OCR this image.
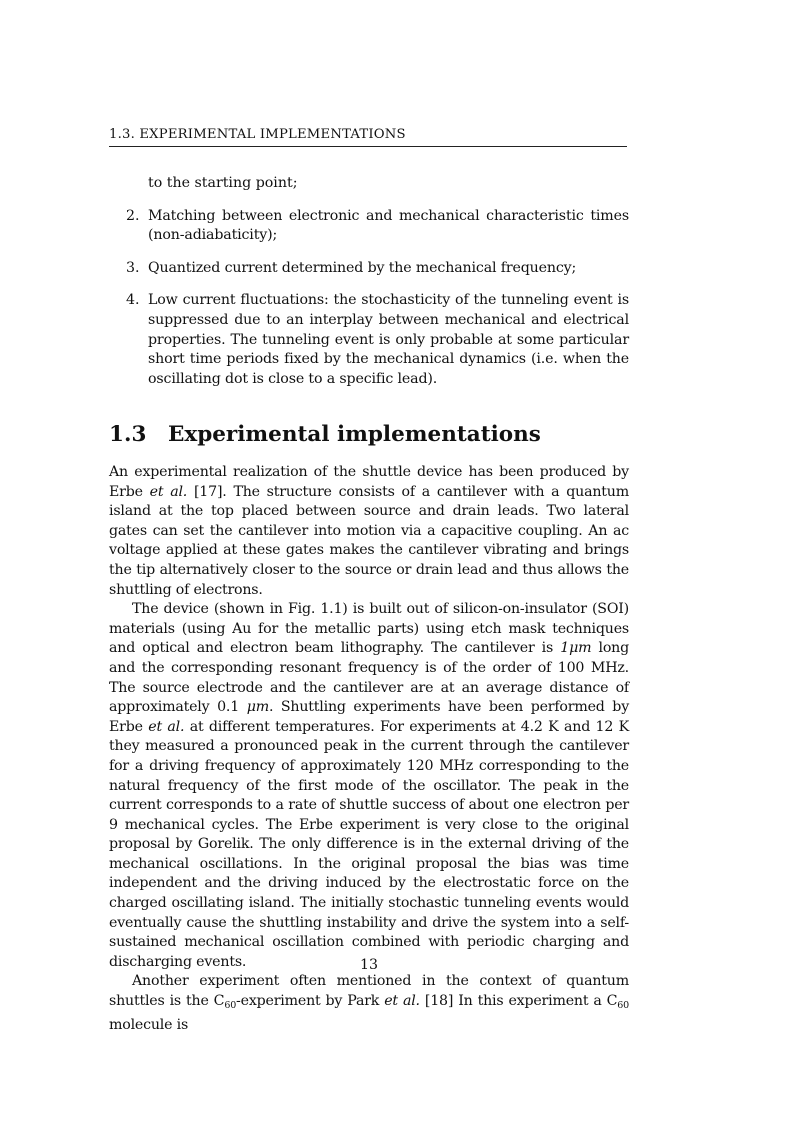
1.3. EXPERIMENTAL IMPLEMENTATIONS
to the starting point;
2. Matching between electronic and mechanical characteristic times (non-adiabaticity);
3. Quantized current determined by the mechanical frequency;
4. Low current fluctuations: the stochasticity of the tunneling event is suppressed due to an interplay between mechanical and electrical properties. The tunneling event is only probable at some particular short time periods fixed by the mechanical dynamics (i.e. when the oscillating dot is close to a specific lead).
1.3 Experimental implementations

An experimental realization of the shuttle device has been produced by Erbe et al. [17]. The structure consists of a cantilever with a quantum island at the top placed between source and drain leads. Two lateral gates can set the cantilever into motion via a capacitive coupling. An ac voltage applied at these gates makes the cantilever vibrating and brings the tip alternatively closer to the source or drain lead and thus allows the shuttling of electrons.

The device (shown in Fig. 1.1) is built out of silicon-on-insulator (SOI) materials (using Au for the metallic parts) using etch mask techniques and optical and electron beam lithography. The cantilever is 1μm long and the corresponding resonant frequency is of the order of 100 MHz. The source electrode and the cantilever are at an average distance of approximately 0.1 μm. Shuttling experiments have been performed by Erbe et al. at different temperatures. For experiments at 4.2 K and 12 K they measured a pronounced peak in the current through the cantilever for a driving frequency of approximately 120 MHz corresponding to the natural frequency of the first mode of the oscillator. The peak in the current corresponds to a rate of shuttle success of about one electron per 9 mechanical cycles. The Erbe experiment is very close to the original proposal by Gorelik. The only difference is in the external driving of the mechanical oscillations. In the original proposal the bias was time independent and the driving induced by the electrostatic force on the charged oscillating island. The initially stochastic tunneling events would eventually cause the shuttling instability and drive the system into a self-sustained mechanical oscillation combined with periodic charging and discharging events.

Another experiment often mentioned in the context of quantum shuttles is the $C_{60}$-experiment by Park et al. [18] In this experiment a $C_{60}$ molecule is

13
